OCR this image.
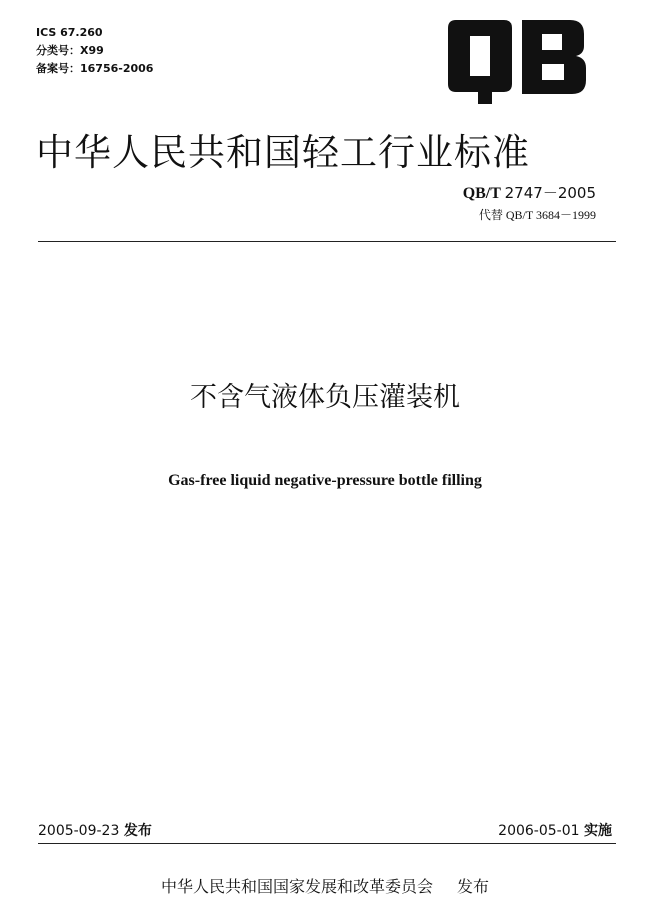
ICS 67.260
分类号：X99
备案号：16756-2006
中华人民共和国轻工行业标准
QB/T 2747－2005
代替 QB/T 3684－1999
不含气液体负压灌装机
Gas-free liquid negative-pressure bottle filling
2005-09-23 发布	2006-05-01 实施
中华人民共和国国家发展和改革委员会 发布
